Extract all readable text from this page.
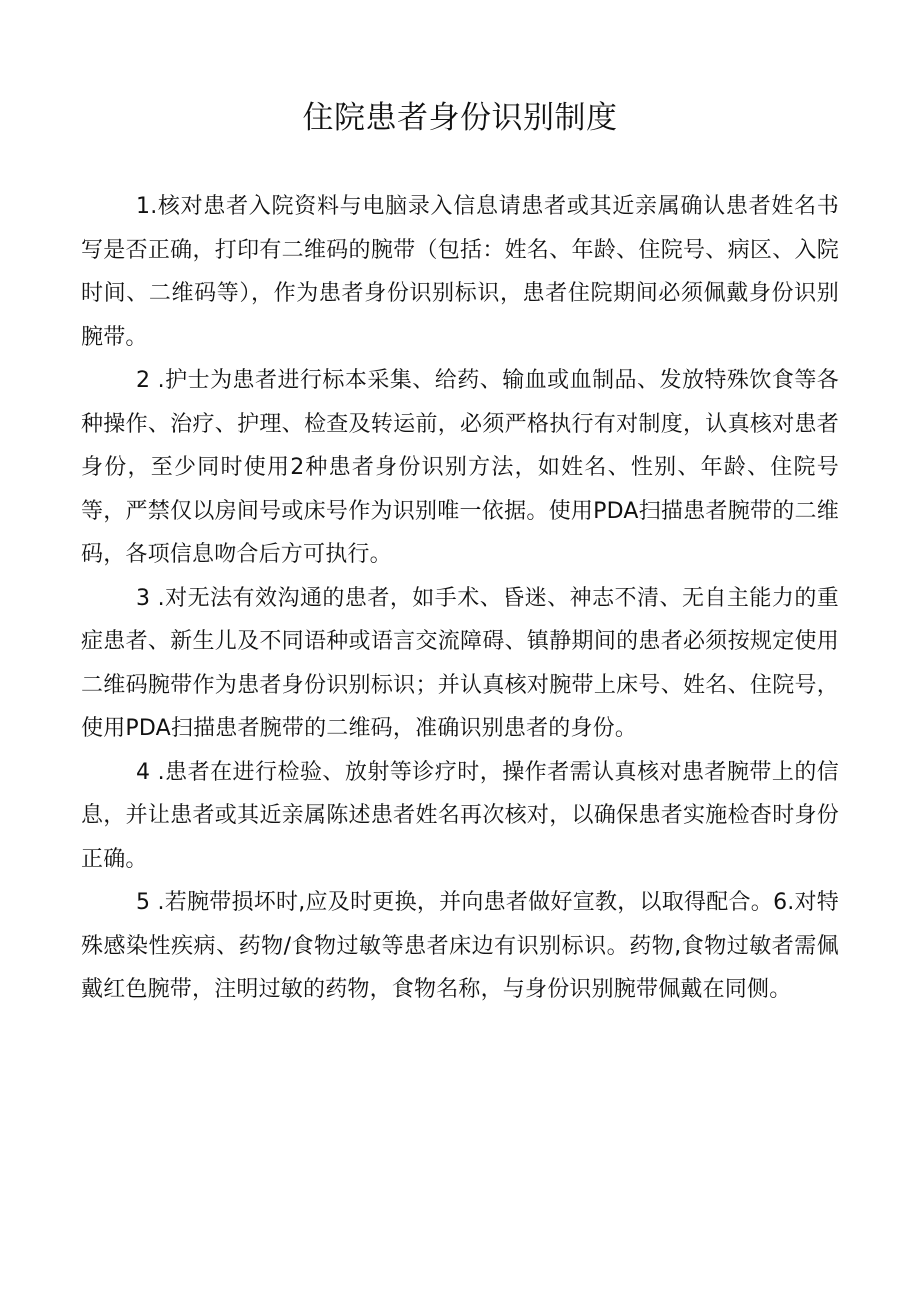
住院患者身份识别制度

1.核对患者入院资料与电脑录入信息请患者或其近亲属确认患者姓名书写是否正确，打印有二维码的腕带（包括：姓名、年龄、住院号、病区、入院时间、二维码等），作为患者身份识别标识，患者住院期间必须佩戴身份识别腕带。

2 .护士为患者进行标本采集、给药、输血或血制品、发放特殊饮食等各种操作、治疗、护理、检查及转运前，必须严格执行有对制度，认真核对患者身份，至少同时使用2种患者身份识别方法，如姓名、性别、年龄、住院号等，严禁仅以房间号或床号作为识别唯一依据。使用PDA扫描患者腕带的二维码，各项信息吻合后方可执行。

3 .对无法有效沟通的患者，如手术、昏迷、神志不清、无自主能力的重症患者、新生儿及不同语种或语言交流障碍、镇静期间的患者必须按规定使用二维码腕带作为患者身份识别标识；并认真核对腕带上床号、姓名、住院号，使用PDA扫描患者腕带的二维码，准确识别患者的身份。

4 .患者在进行检验、放射等诊疗时，操作者需认真核对患者腕带上的信息，并让患者或其近亲属陈述患者姓名再次核对，以确保患者实施检杳时身份正确。

5 .若腕带损坏时,应及时更换，并向患者做好宣教，以取得配合。6.对特殊感染性疾病、药物/食物过敏等患者床边有识别标识。药物,食物过敏者需佩戴红色腕带，注明过敏的药物，食物名称，与身份识别腕带佩戴在同侧。
